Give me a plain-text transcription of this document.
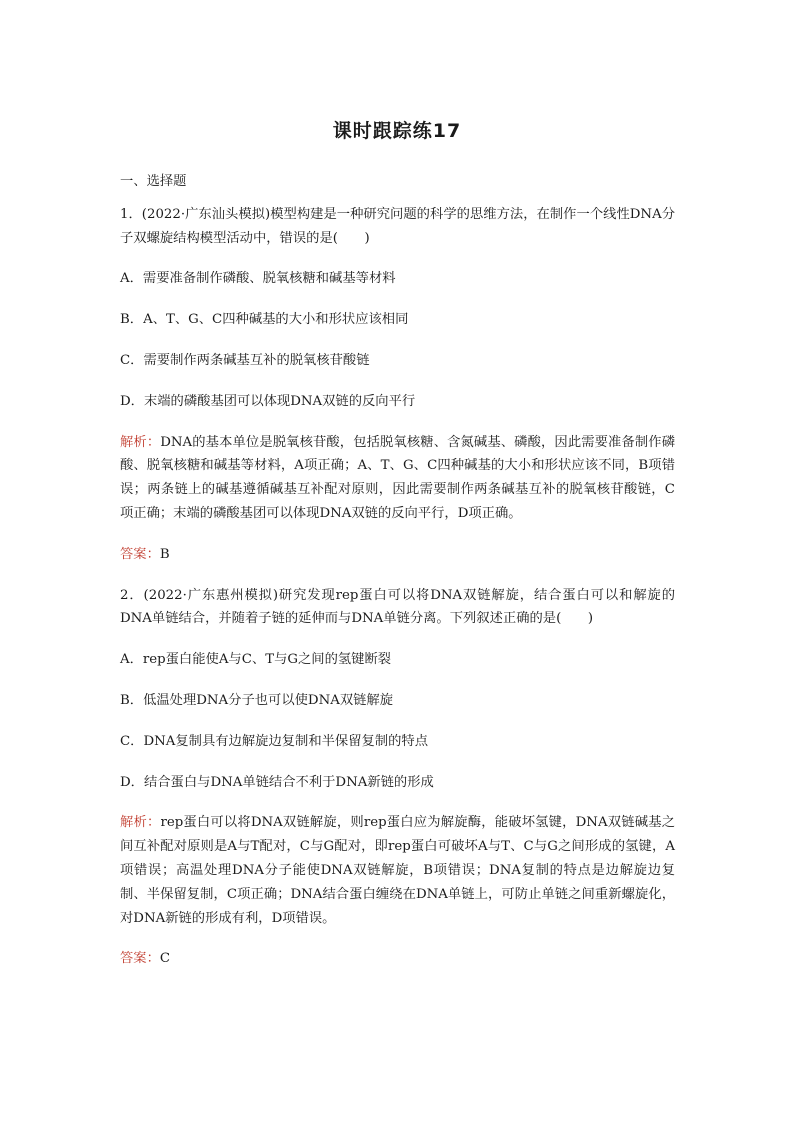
课时跟踪练17

一、选择题

1．(2022·广东汕头模拟)模型构建是一种研究问题的科学的思维方法，在制作一个线性DNA分子双螺旋结构模型活动中，错误的是(　　)

A．需要准备制作磷酸、脱氧核糖和碱基等材料

B．A、T、G、C四种碱基的大小和形状应该相同

C．需要制作两条碱基互补的脱氧核苷酸链

D．末端的磷酸基团可以体现DNA双链的反向平行

解析：DNA的基本单位是脱氧核苷酸，包括脱氧核糖、含氮碱基、磷酸，因此需要准备制作磷酸、脱氧核糖和碱基等材料，A项正确；A、T、G、C四种碱基的大小和形状应该不同，B项错误；两条链上的碱基遵循碱基互补配对原则，因此需要制作两条碱基互补的脱氧核苷酸链，C项正确；末端的磷酸基团可以体现DNA双链的反向平行，D项正确。

答案：B

2．(2022·广东惠州模拟)研究发现rep蛋白可以将DNA双链解旋，结合蛋白可以和解旋的DNA单链结合，并随着子链的延伸而与DNA单链分离。下列叙述正确的是(　　)

A．rep蛋白能使A与C、T与G之间的氢键断裂

B．低温处理DNA分子也可以使DNA双链解旋

C．DNA复制具有边解旋边复制和半保留复制的特点

D．结合蛋白与DNA单链结合不利于DNA新链的形成

解析：rep蛋白可以将DNA双链解旋，则rep蛋白应为解旋酶，能破坏氢键，DNA双链碱基之间互补配对原则是A与T配对，C与G配对，即rep蛋白可破坏A与T、C与G之间形成的氢键，A项错误；高温处理DNA分子能使DNA双链解旋，B项错误；DNA复制的特点是边解旋边复制、半保留复制，C项正确；DNA结合蛋白缠绕在DNA单链上，可防止单链之间重新螺旋化，对DNA新链的形成有利，D项错误。

答案：C
